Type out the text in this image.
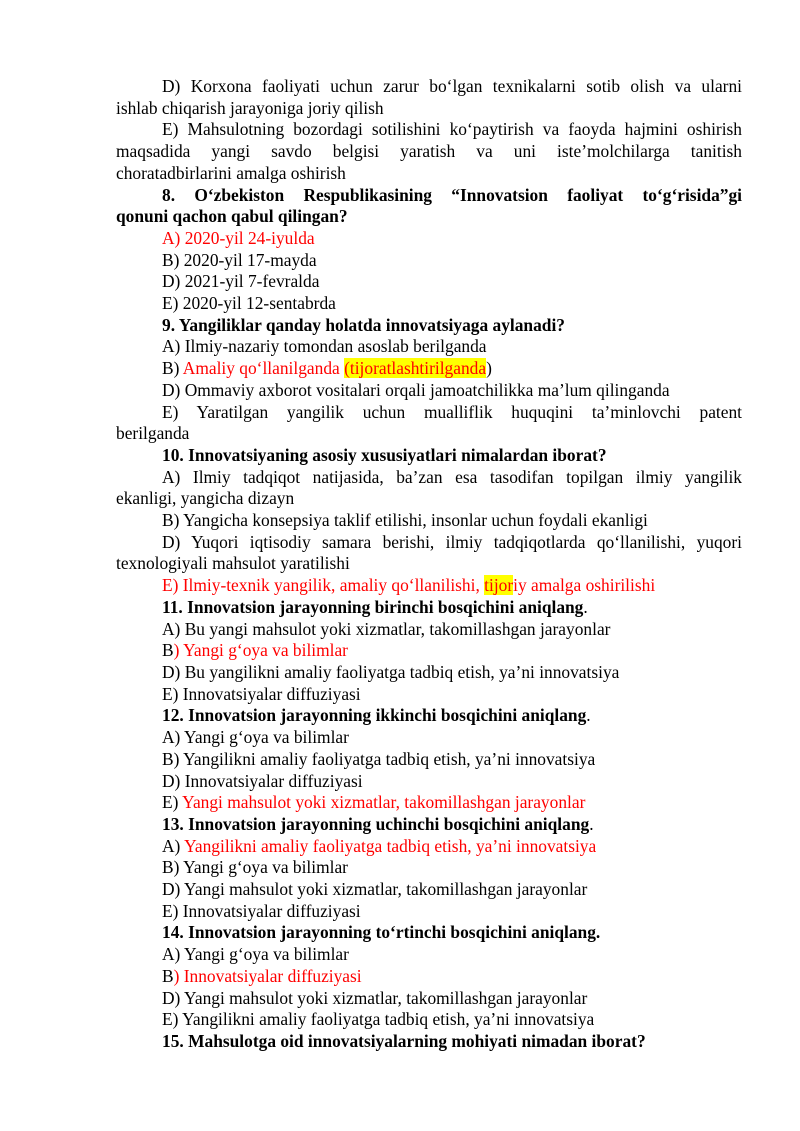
D) Korxona faoliyati uchun zarur bo‘lgan texnikalarni sotib olish va ularni
ishlab chiqarish jarayoniga joriy qilish
E) Mahsulotning bozordagi sotilishini ko‘paytirish va faoyda hajmini oshirish
maqsadida yangi savdo belgisi yaratish va uni iste’molchilarga tanitish
choratadbirlarini amalga oshirish
8. O‘zbekiston Respublikasining “Innovatsion faoliyat to‘g‘risida”gi
qonuni qachon qabul qilingan?
A) 2020-yil 24-iyulda
B) 2020-yil 17-mayda
D) 2021-yil 7-fevralda
E) 2020-yil 12-sentabrda
9. Yangiliklar qanday holatda innovatsiyaga aylanadi?
A) Ilmiy-nazariy tomondan asoslab berilganda
B) Amaliy qo‘llanilganda (tijoratlashtirilganda)
D) Ommaviy axborot vositalari orqali jamoatchilikka ma’lum qilinganda
E) Yaratilgan yangilik uchun mualliflik huquqini ta’minlovchi patent
berilganda
10. Innovatsiyaning asosiy xususiyatlari nimalardan iborat?
A) Ilmiy tadqiqot natijasida, ba’zan esa tasodifan topilgan ilmiy yangilik
ekanligi, yangicha dizayn
B) Yangicha konsepsiya taklif etilishi, insonlar uchun foydali ekanligi
D) Yuqori iqtisodiy samara berishi, ilmiy tadqiqotlarda qo‘llanilishi, yuqori
texnologiyali mahsulot yaratilishi
E) Ilmiy-texnik yangilik, amaliy qo‘llanilishi, tijoriy amalga oshirilishi
11. Innovatsion jarayonning birinchi bosqichini aniqlang.
A) Bu yangi mahsulot yoki xizmatlar, takomillashgan jarayonlar
B) Yangi g‘oya va bilimlar
D) Bu yangilikni amaliy faoliyatga tadbiq etish, ya’ni innovatsiya
E) Innovatsiyalar diffuziyasi
12. Innovatsion jarayonning ikkinchi bosqichini aniqlang.
A) Yangi g‘oya va bilimlar
B) Yangilikni amaliy faoliyatga tadbiq etish, ya’ni innovatsiya
D) Innovatsiyalar diffuziyasi
E) Yangi mahsulot yoki xizmatlar, takomillashgan jarayonlar
13. Innovatsion jarayonning uchinchi bosqichini aniqlang.
A) Yangilikni amaliy faoliyatga tadbiq etish, ya’ni innovatsiya
B) Yangi g‘oya va bilimlar
D) Yangi mahsulot yoki xizmatlar, takomillashgan jarayonlar
E) Innovatsiyalar diffuziyasi
14. Innovatsion jarayonning to‘rtinchi bosqichini aniqlang.
A) Yangi g‘oya va bilimlar
B) Innovatsiyalar diffuziyasi
D) Yangi mahsulot yoki xizmatlar, takomillashgan jarayonlar
E) Yangilikni amaliy faoliyatga tadbiq etish, ya’ni innovatsiya
15. Mahsulotga oid innovatsiyalarning mohiyati nimadan iborat?
